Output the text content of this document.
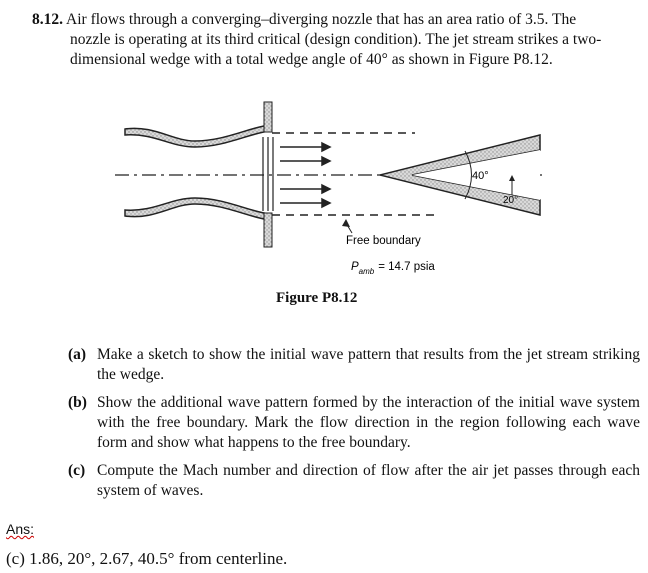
8.12. Air flows through a converging–diverging nozzle that has an area ratio of 3.5. The
nozzle is operating at its third critical (design condition). The jet stream strikes a two-
dimensional wedge with a total wedge angle of 40° as shown in Figure P8.12.
40°
20°
Free boundary
$P_{amb} = 14.7$ psia
Figure P8.12
(a) Make a sketch to show the initial wave pattern that results from the jet stream striking the wedge.
(b) Show the additional wave pattern formed by the interaction of the initial wave system with the free boundary. Mark the flow direction in the region following each wave form and show what happens to the free boundary.
(c) Compute the Mach number and direction of flow after the air jet passes through each system of waves.
Ans:
(c) 1.86, 20°, 2.67, 40.5° from centerline.
